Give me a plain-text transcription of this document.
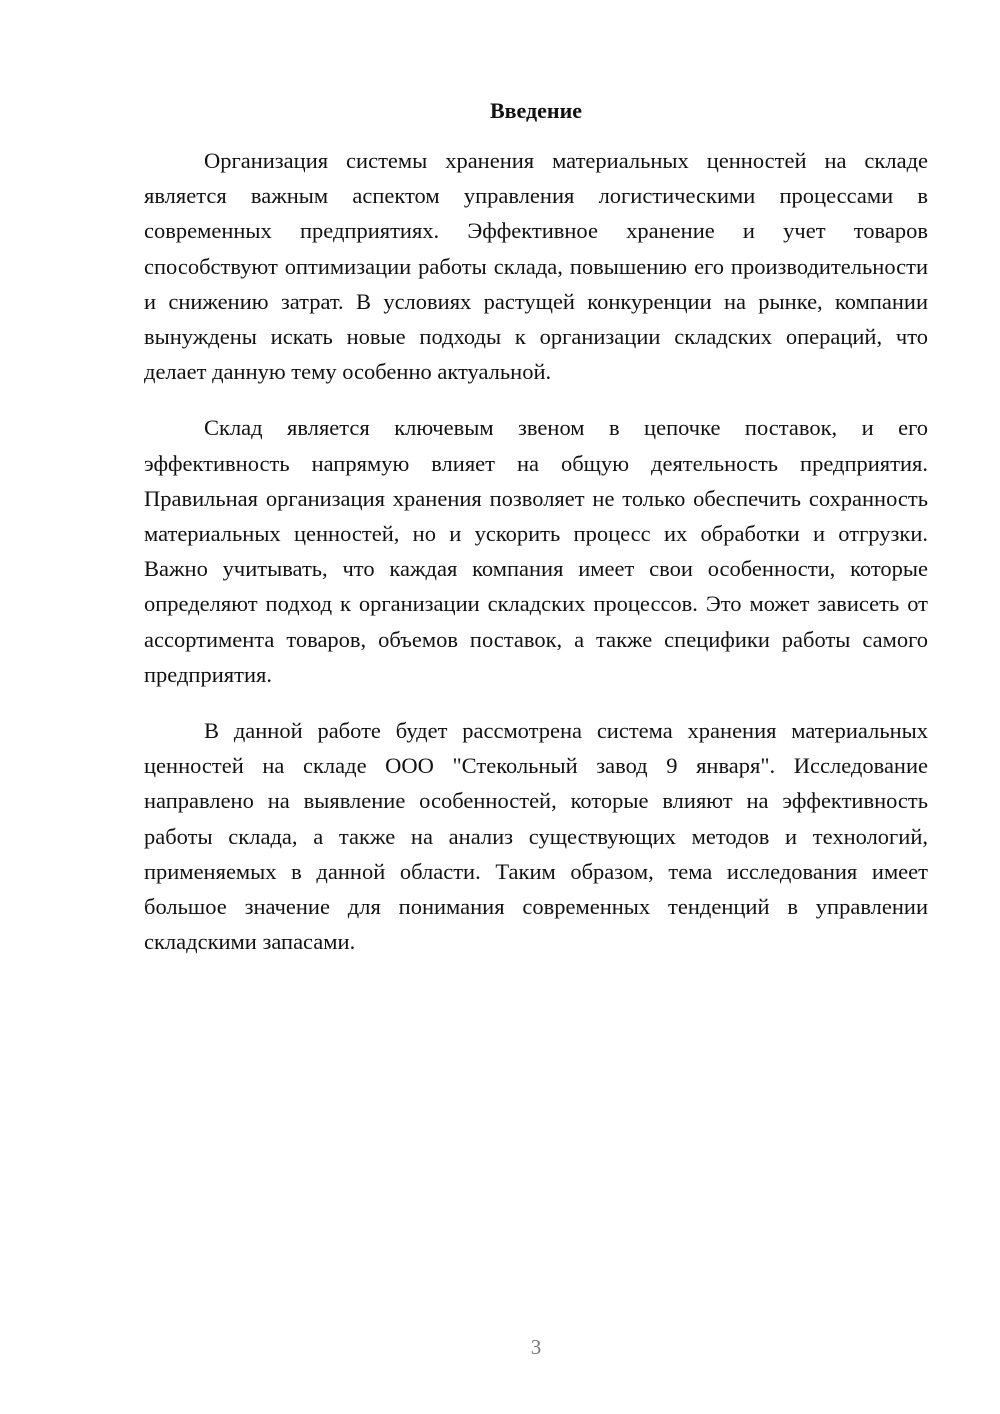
Введение

Организация системы хранения материальных ценностей на складе является важным аспектом управления логистическими процессами в современных предприятиях. Эффективное хранение и учет товаров способствуют оптимизации работы склада, повышению его производительности и снижению затрат. В условиях растущей конкуренции на рынке, компании вынуждены искать новые подходы к организации складских операций, что делает данную тему особенно актуальной.

Склад является ключевым звеном в цепочке поставок, и его эффективность напрямую влияет на общую деятельность предприятия. Правильная организация хранения позволяет не только обеспечить сохранность материальных ценностей, но и ускорить процесс их обработки и отгрузки. Важно учитывать, что каждая компания имеет свои особенности, которые определяют подход к организации складских процессов. Это может зависеть от ассортимента товаров, объемов поставок, а также специфики работы самого предприятия.

В данной работе будет рассмотрена система хранения материальных ценностей на складе ООО "Стекольный завод 9 января". Исследование направлено на выявление особенностей, которые влияют на эффективность работы склада, а также на анализ существующих методов и технологий, применяемых в данной области. Таким образом, тема исследования имеет большое значение для понимания современных тенденций в управлении складскими запасами.

3
